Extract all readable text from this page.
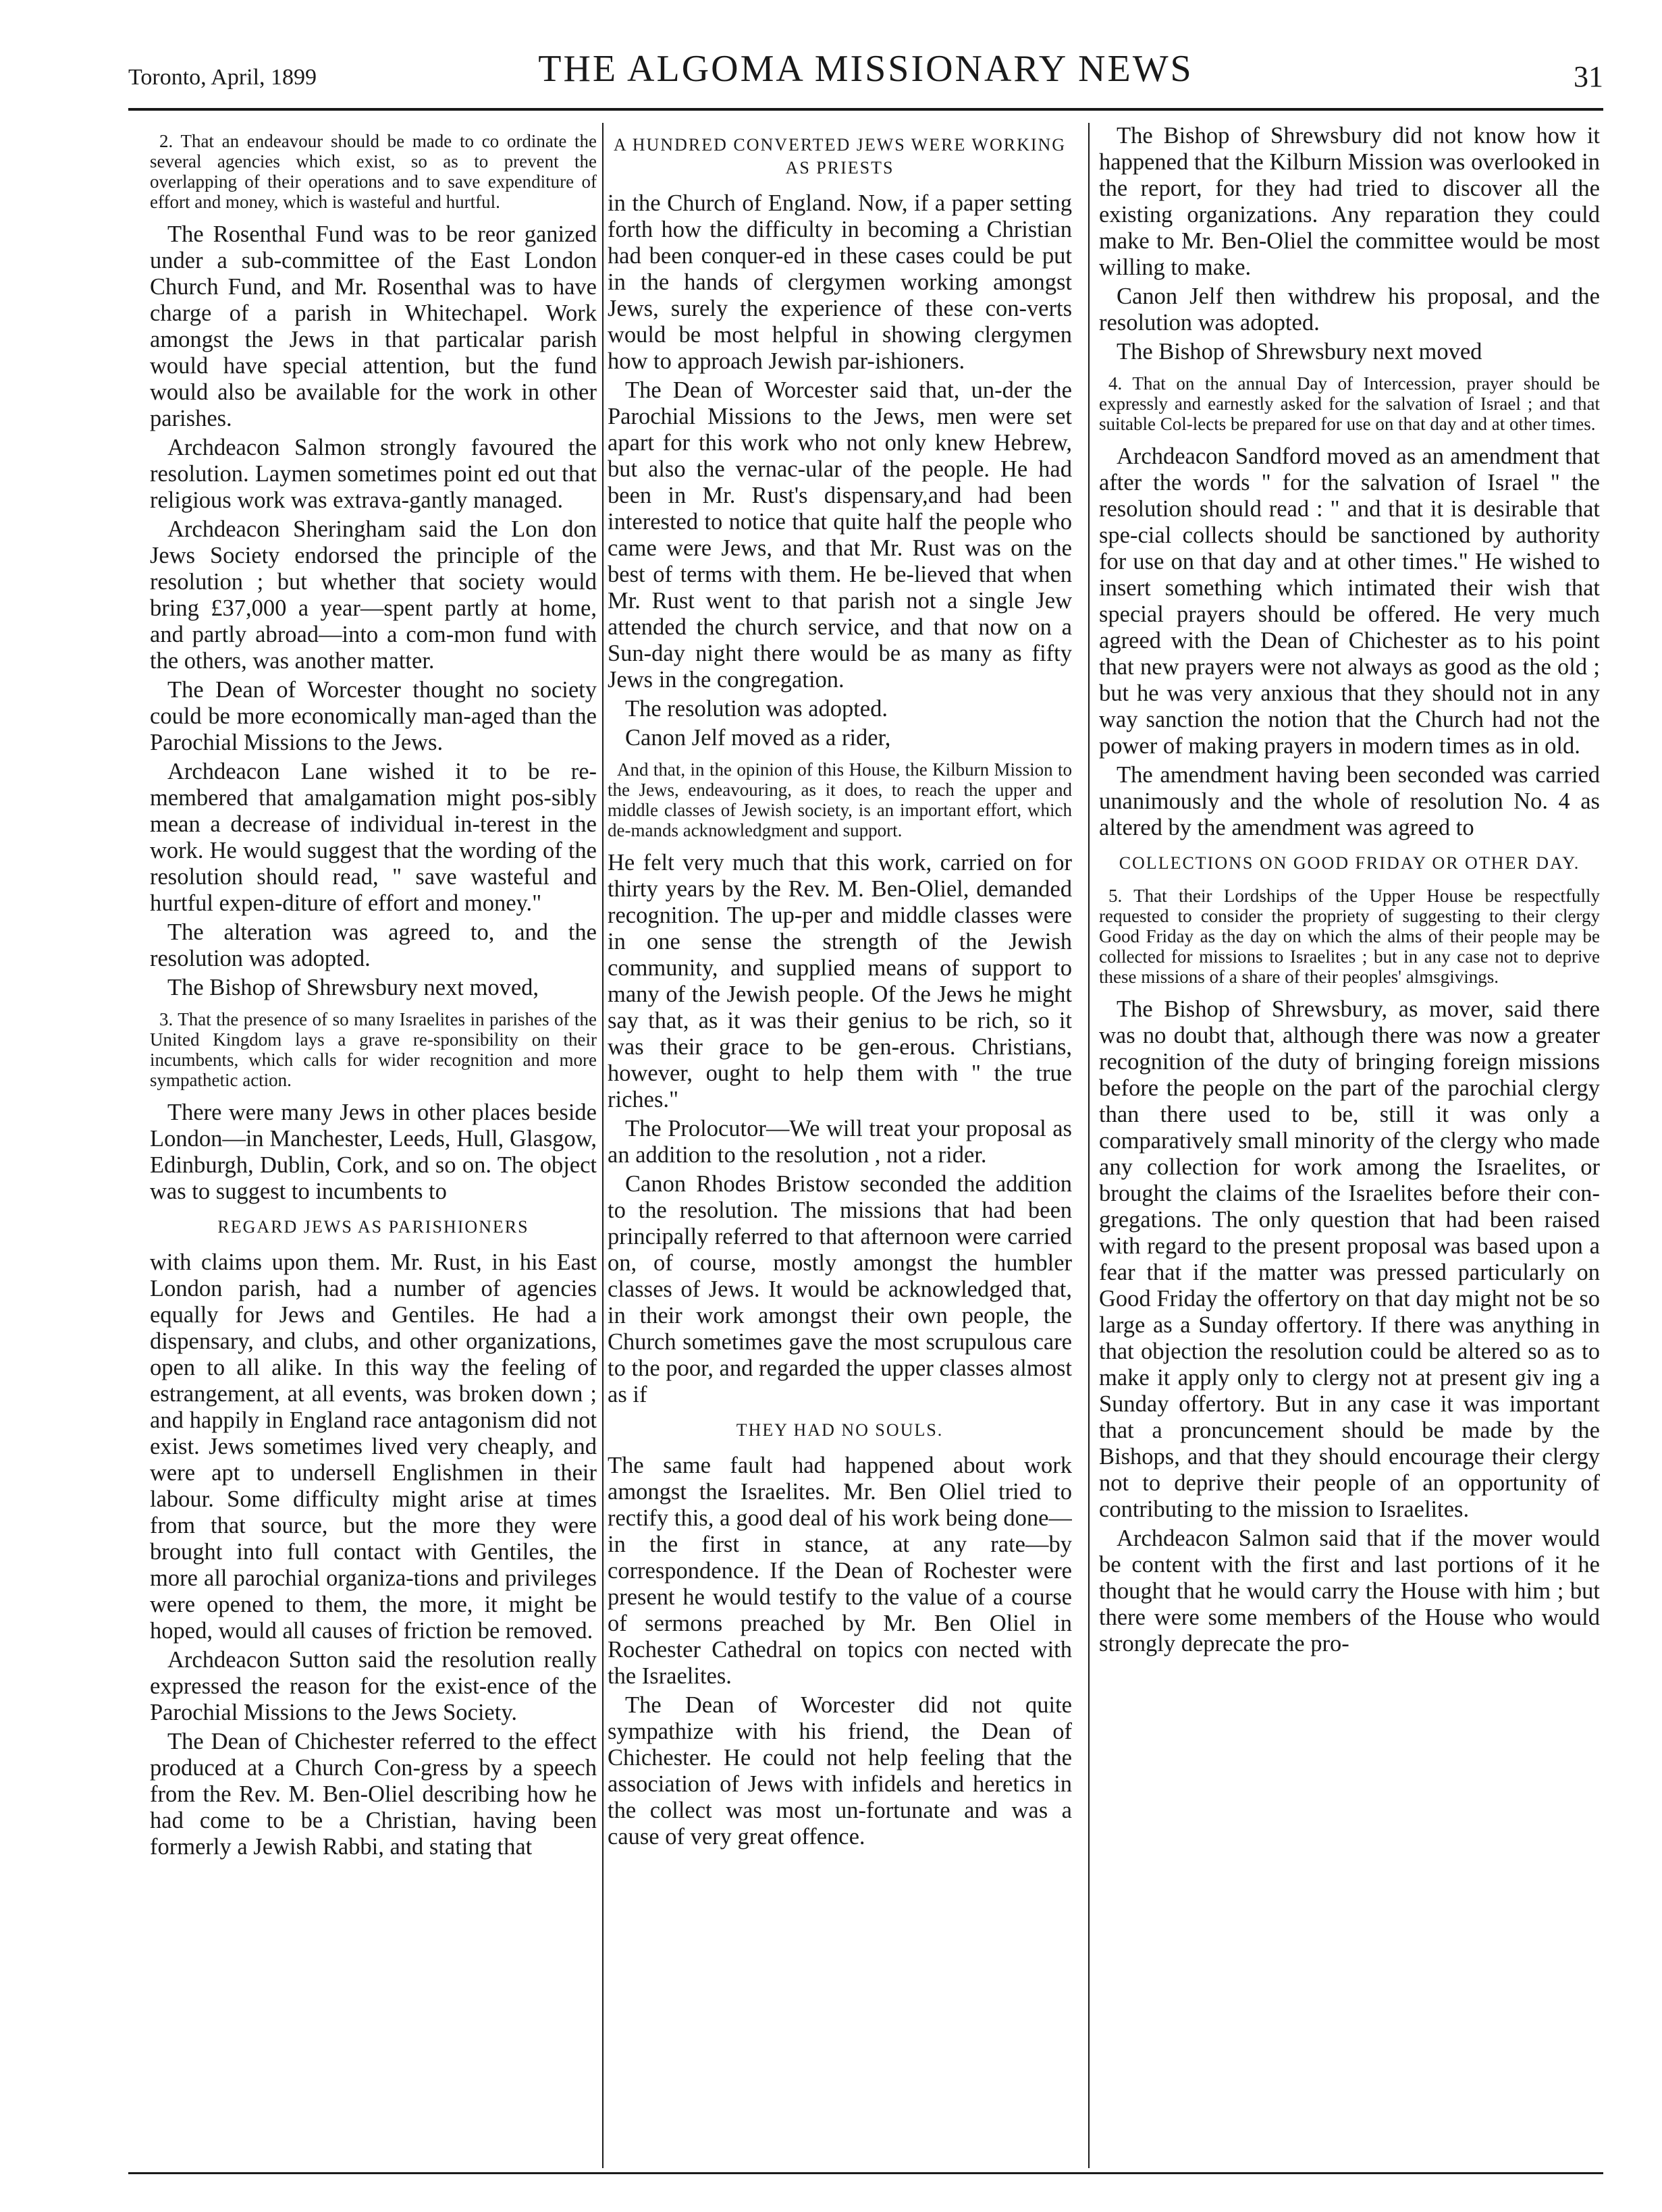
Toronto, April, 1899	THE ALGOMA MISSIONARY NEWS	31

2. That an endeavour should be made to co ordinate the several agencies which exist, so as to prevent the overlapping of their operations and to save expenditure of effort and money, which is wasteful and hurtful.

The Rosenthal Fund was to be reor ganized under a sub-committee of the East London Church Fund, and Mr. Rosenthal was to have charge of a parish in Whitechapel. Work amongst the Jews in that particalar parish would have special attention, but the fund would also be available for the work in other parishes.

Archdeacon Salmon strongly favoured the resolution. Laymen sometimes point ed out that religious work was extrava-gantly managed.

Archdeacon Sheringham said the Lon don Jews Society endorsed the principle of the resolution ; but whether that society would bring £37,000 a year—spent partly at home, and partly abroad—into a com-mon fund with the others, was another matter.

The Dean of Worcester thought no society could be more economically man-aged than the Parochial Missions to the Jews.

Archdeacon Lane wished it to be re-membered that amalgamation might pos-sibly mean a decrease of individual in-terest in the work. He would suggest that the wording of the resolution should read, " save wasteful and hurtful expen-diture of effort and money."

The alteration was agreed to, and the resolution was adopted.

The Bishop of Shrewsbury next moved,

3. That the presence of so many Israelites in parishes of the United Kingdom lays a grave re-sponsibility on their incumbents, which calls for wider recognition and more sympathetic action.

There were many Jews in other places beside London—in Manchester, Leeds, Hull, Glasgow, Edinburgh, Dublin, Cork, and so on. The object was to suggest to incumbents to

REGARD JEWS AS PARISHIONERS

with claims upon them. Mr. Rust, in his East London parish, had a number of agencies equally for Jews and Gentiles. He had a dispensary, and clubs, and other organizations, open to all alike. In this way the feeling of estrangement, at all events, was broken down ; and happily in England race antagonism did not exist. Jews sometimes lived very cheaply, and were apt to undersell Englishmen in their labour. Some difficulty might arise at times from that source, but the more they were brought into full contact with Gentiles, the more all parochial organiza-tions and privileges were opened to them, the more, it might be hoped, would all causes of friction be removed.

Archdeacon Sutton said the resolution really expressed the reason for the exist-ence of the Parochial Missions to the Jews Society.

The Dean of Chichester referred to the effect produced at a Church Con-gress by a speech from the Rev. M. Ben-Oliel describing how he had come to be a Christian, having been formerly a Jewish Rabbi, and stating that

A HUNDRED CONVERTED JEWS WERE WORKING AS PRIESTS

in the Church of England. Now, if a paper setting forth how the difficulty in becoming a Christian had been conquer-ed in these cases could be put in the hands of clergymen working amongst Jews, surely the experience of these con-verts would be most helpful in showing clergymen how to approach Jewish par-ishioners.

The Dean of Worcester said that, un-der the Parochial Missions to the Jews, men were set apart for this work who not only knew Hebrew, but also the vernac-ular of the people. He had been in Mr. Rust's dispensary,and had been interested to notice that quite half the people who came were Jews, and that Mr. Rust was on the best of terms with them. He be-lieved that when Mr. Rust went to that parish not a single Jew attended the church service, and that now on a Sun-day night there would be as many as fifty Jews in the congregation.

The resolution was adopted.

Canon Jelf moved as a rider,

And that, in the opinion of this House, the Kilburn Mission to the Jews, endeavouring, as it does, to reach the upper and middle classes of Jewish society, is an important effort, which de-mands acknowledgment and support.

He felt very much that this work, carried on for thirty years by the Rev. M. Ben-Oliel, demanded recognition. The up-per and middle classes were in one sense the strength of the Jewish community, and supplied means of support to many of the Jewish people. Of the Jews he might say that, as it was their genius to be rich, so it was their grace to be gen-erous. Christians, however, ought to help them with " the true riches."

The Prolocutor—We will treat your proposal as an addition to the resolution , not a rider.

Canon Rhodes Bristow seconded the addition to the resolution. The missions that had been principally referred to that afternoon were carried on, of course, mostly amongst the humbler classes of Jews. It would be acknowledged that, in their work amongst their own people, the Church sometimes gave the most scrupulous care to the poor, and regarded the upper classes almost as if

THEY HAD NO SOULS.

The same fault had happened about work amongst the Israelites. Mr. Ben Oliel tried to rectify this, a good deal of his work being done—in the first in stance, at any rate—by correspondence. If the Dean of Rochester were present he would testify to the value of a course of sermons preached by Mr. Ben Oliel in Rochester Cathedral on topics con nected with the Israelites.

The Dean of Worcester did not quite sympathize with his friend, the Dean of Chichester. He could not help feeling that the association of Jews with infidels and heretics in the collect was most un-fortunate and was a cause of very great offence.

The Bishop of Shrewsbury did not know how it happened that the Kilburn Mission was overlooked in the report, for they had tried to discover all the existing organizations. Any reparation they could make to Mr. Ben-Oliel the committee would be most willing to make.

Canon Jelf then withdrew his proposal, and the resolution was adopted.

The Bishop of Shrewsbury next moved

4. That on the annual Day of Intercession, prayer should be expressly and earnestly asked for the salvation of Israel ; and that suitable Col-lects be prepared for use on that day and at other times.

Archdeacon Sandford moved as an amendment that after the words " for the salvation of Israel " the resolution should read : " and that it is desirable that spe-cial collects should be sanctioned by authority for use on that day and at other times." He wished to insert something which intimated their wish that special prayers should be offered. He very much agreed with the Dean of Chichester as to his point that new prayers were not always as good as the old ; but he was very anxious that they should not in any way sanction the notion that the Church had not the power of making prayers in modern times as in old.

The amendment having been seconded was carried unanimously and the whole of resolution No. 4 as altered by the amendment was agreed to

COLLECTIONS ON GOOD FRIDAY OR OTHER DAY.

5. That their Lordships of the Upper House be respectfully requested to consider the propriety of suggesting to their clergy Good Friday as the day on which the alms of their people may be collected for missions to Israelites ; but in any case not to deprive these missions of a share of their peoples' almsgivings.

The Bishop of Shrewsbury, as mover, said there was no doubt that, although there was now a greater recognition of the duty of bringing foreign missions before the people on the part of the parochial clergy than there used to be, still it was only a comparatively small minority of the clergy who made any collection for work among the Israelites, or brought the claims of the Israelites before their con-gregations. The only question that had been raised with regard to the present proposal was based upon a fear that if the matter was pressed particularly on Good Friday the offertory on that day might not be so large as a Sunday offertory. If there was anything in that objection the resolution could be altered so as to make it apply only to clergy not at present giv ing a Sunday offertory. But in any case it was important that a proncuncement should be made by the Bishops, and that they should encourage their clergy not to deprive their people of an opportunity of contributing to the mission to Israelites.

Archdeacon Salmon said that if the mover would be content with the first and last portions of it he thought that he would carry the House with him ; but there were some members of the House who would strongly deprecate the pro-
